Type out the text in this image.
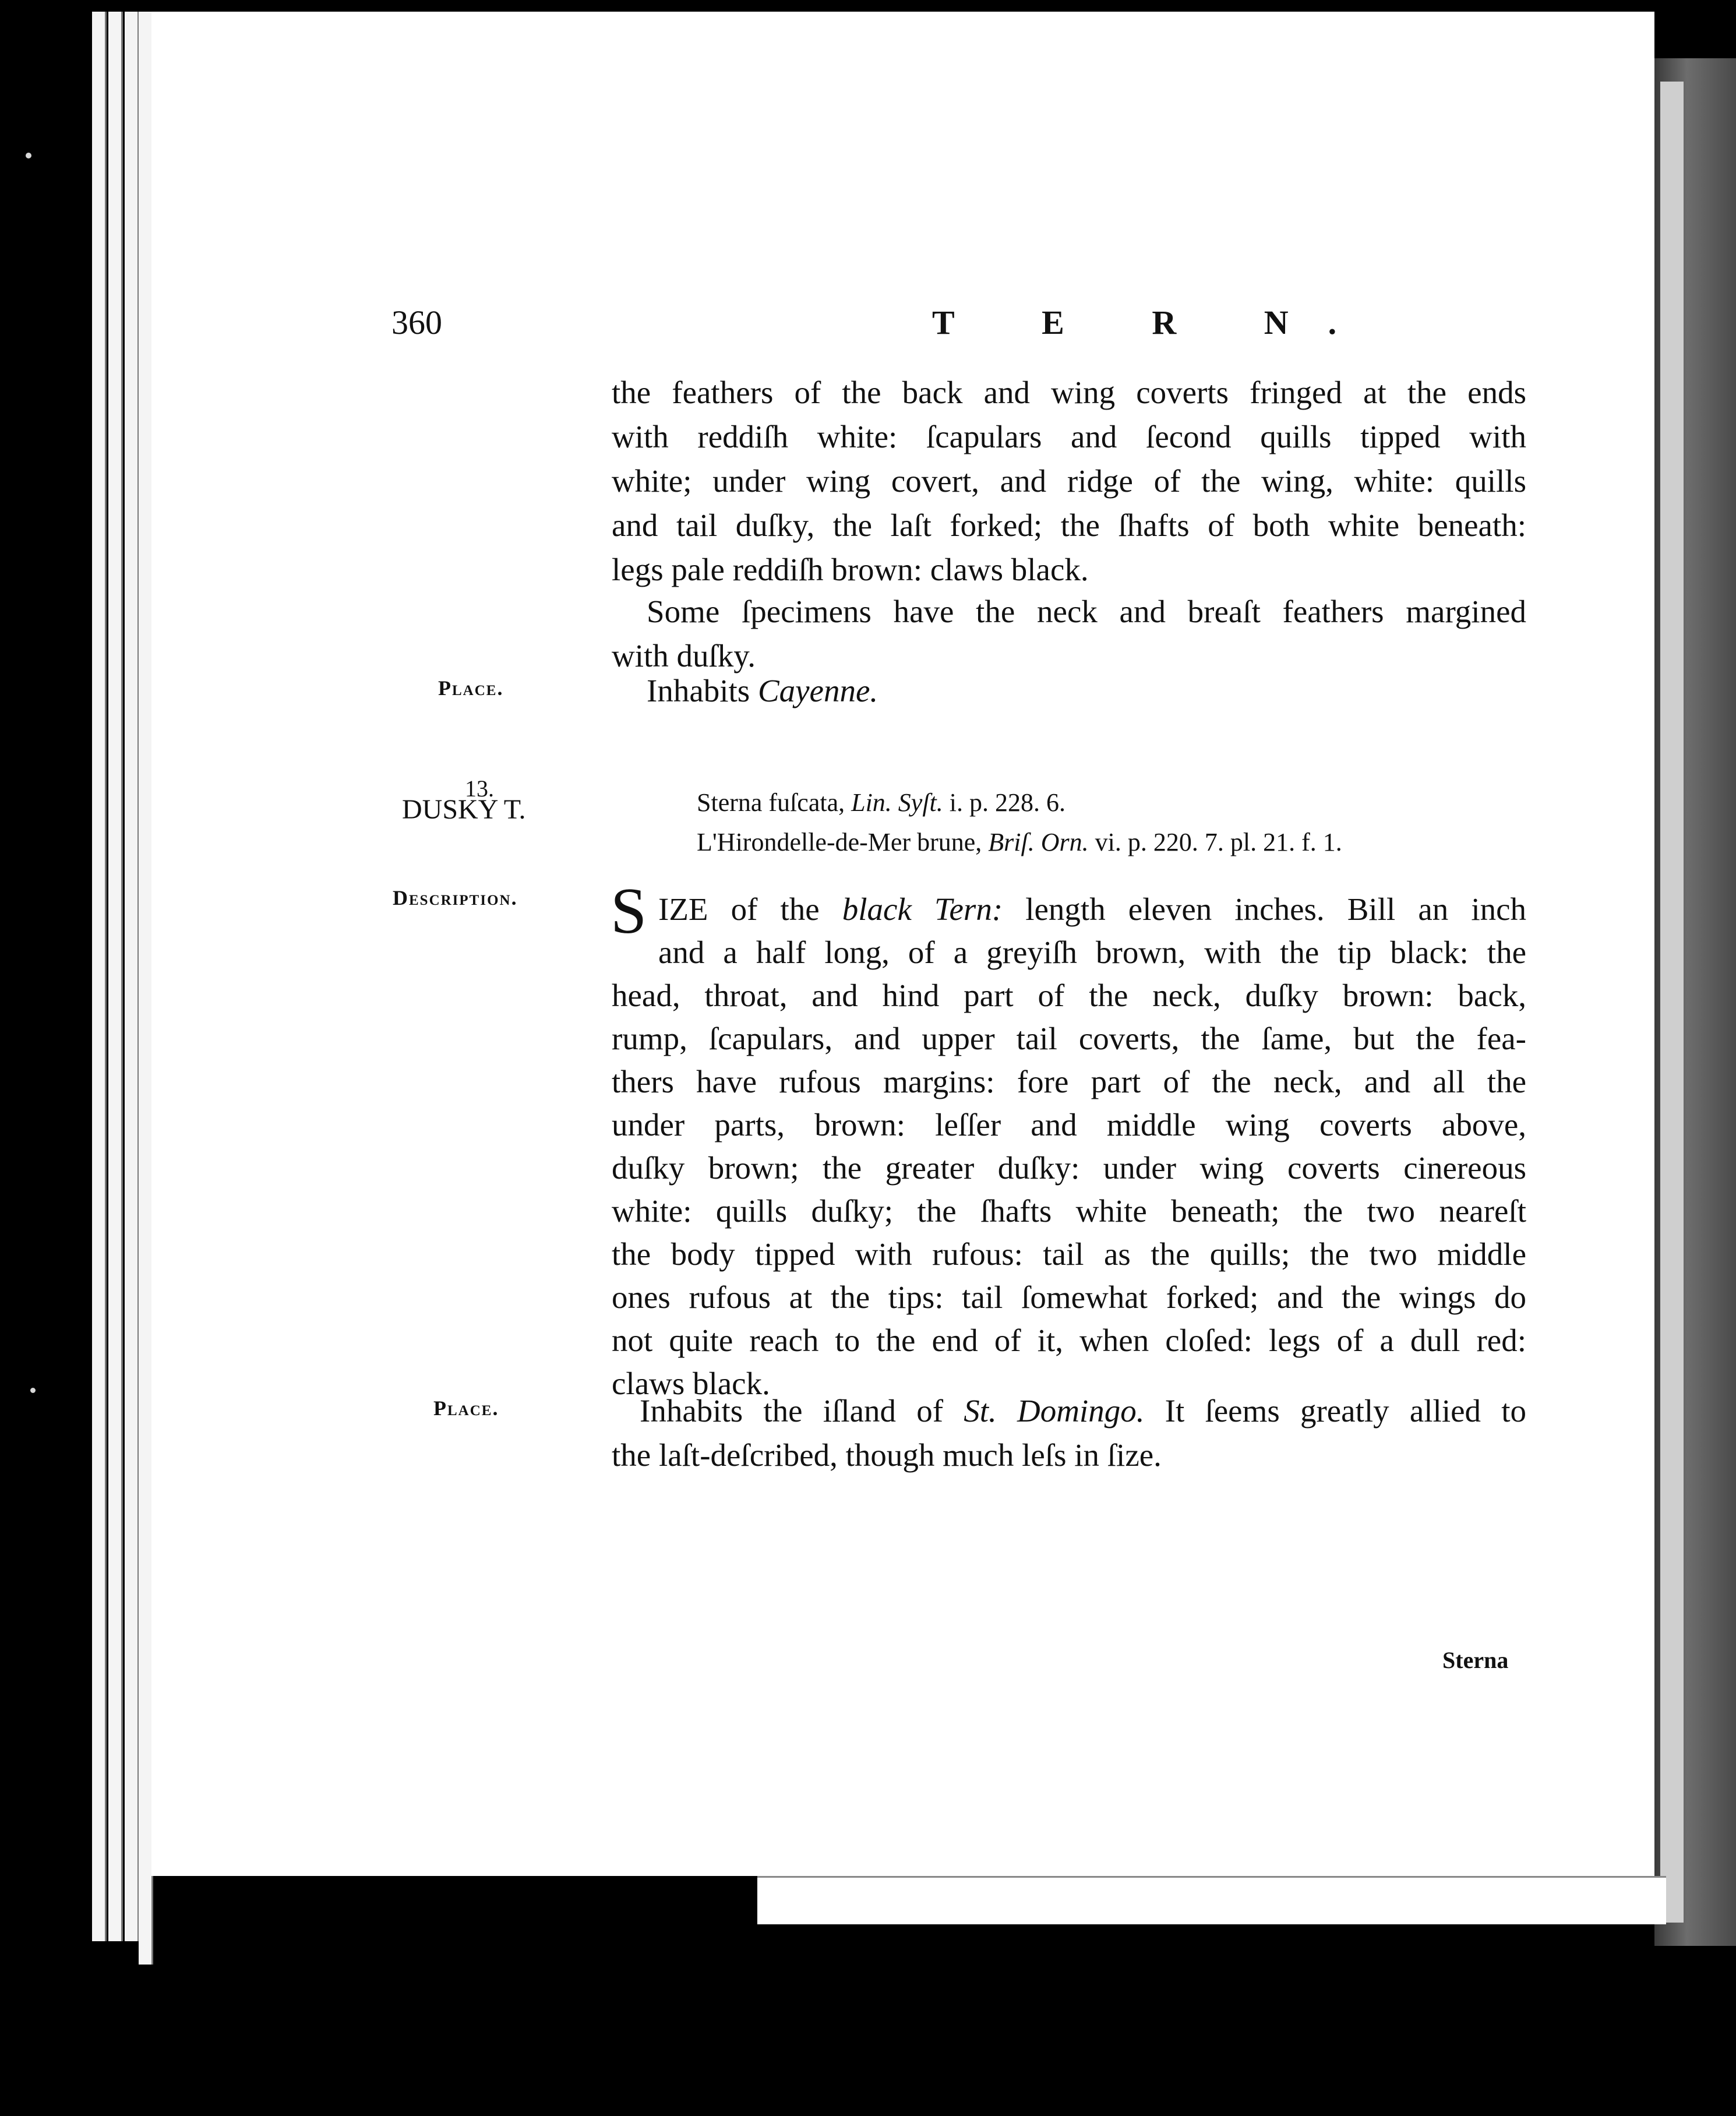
360	T E R N.
the feathers of the back and wing coverts fringed at the ends
with reddiſh white: ſcapulars and ſecond quills tipped with
white; under wing covert, and ridge of the wing, white: quills
and tail duſky, the laſt forked; the ſhafts of both white beneath:
legs pale reddiſh brown: claws black.
Some ſpecimens have the neck and breaſt feathers margined
with duſky.
Place.	Inhabits Cayenne.
13.
DUSKY T.	Sterna fuſcata, Lin. Syſt. i. p. 228. 6.
L'Hirondelle-de-Mer brune, Briſ. Orn. vi. p. 220. 7. pl. 21. f. 1.
Description. S IZE of the black Tern: length eleven inches. Bill an inch
and a half long, of a greyiſh brown, with the tip black: the
head, throat, and hind part of the neck, duſky brown: back,
rump, ſcapulars, and upper tail coverts, the ſame, but the fea-
thers have rufous margins: fore part of the neck, and all the
under parts, brown: leſſer and middle wing coverts above,
duſky brown; the greater duſky: under wing coverts cinereous
white: quills duſky; the ſhafts white beneath; the two neareſt
the body tipped with rufous: tail as the quills; the two middle
ones rufous at the tips: tail ſomewhat forked; and the wings do
not quite reach to the end of it, when cloſed: legs of a dull red:
claws black.
Place.	Inhabits the iſland of St. Domingo. It ſeems greatly allied to
the laſt-deſcribed, though much leſs in ſize.
Sterna
